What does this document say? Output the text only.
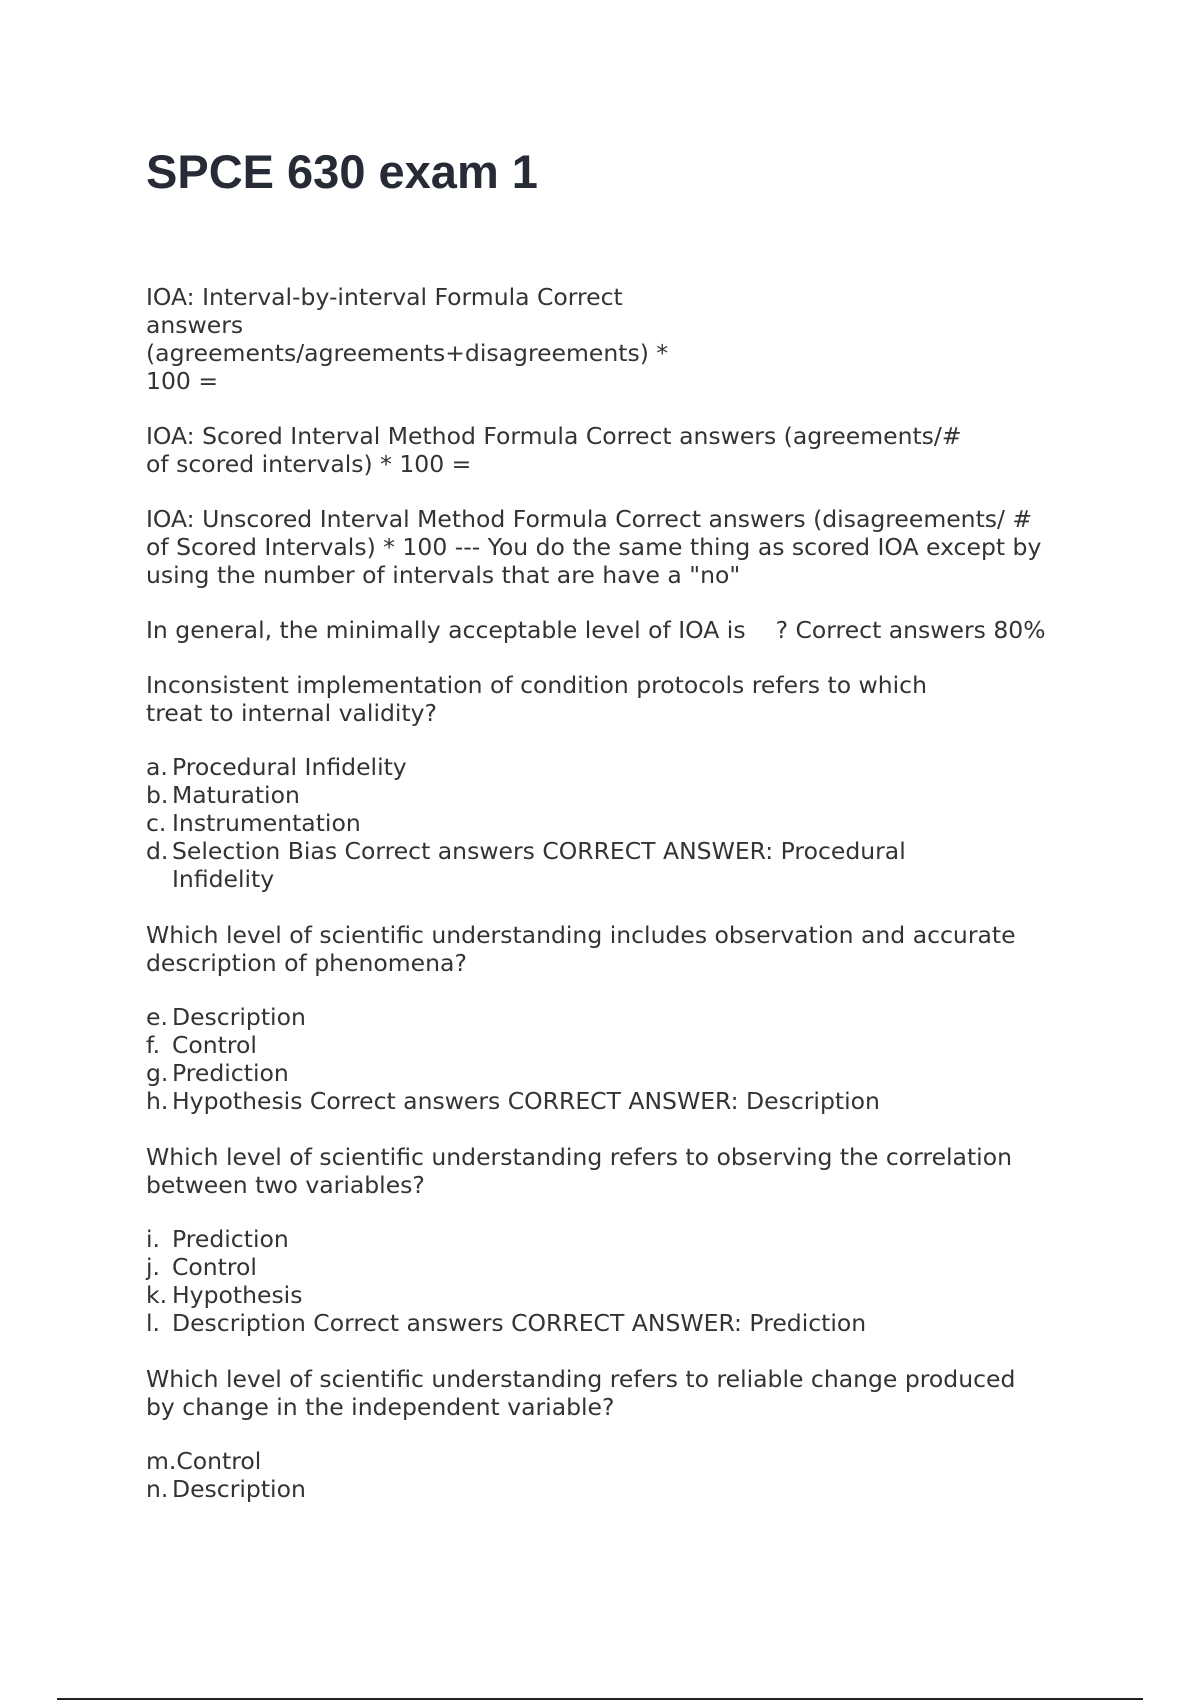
SPCE 630 exam 1

IOA: Interval-by-interval Formula Correct
answers
(agreements/agreements+disagreements) *
100 =

IOA: Scored Interval Method Formula Correct answers (agreements/#
of scored intervals) * 100 =

IOA: Unscored Interval Method Formula Correct answers (disagreements/ #
of Scored Intervals) * 100 --- You do the same thing as scored IOA except by
using the number of intervals that are have a "no"

In general, the minimally acceptable level of IOA is ? Correct answers 80%

Inconsistent implementation of condition protocols refers to which
treat to internal validity?

a. Procedural Infidelity
b. Maturation
c. Instrumentation
d. Selection Bias Correct answers CORRECT ANSWER: Procedural Infidelity

Which level of scientific understanding includes observation and accurate
description of phenomena?

e. Description
f. Control
g. Prediction
h. Hypothesis Correct answers CORRECT ANSWER: Description

Which level of scientific understanding refers to observing the correlation
between two variables?

i. Prediction
j. Control
k. Hypothesis
l. Description Correct answers CORRECT ANSWER: Prediction

Which level of scientific understanding refers to reliable change produced
by change in the independent variable?

m. Control
n. Description
